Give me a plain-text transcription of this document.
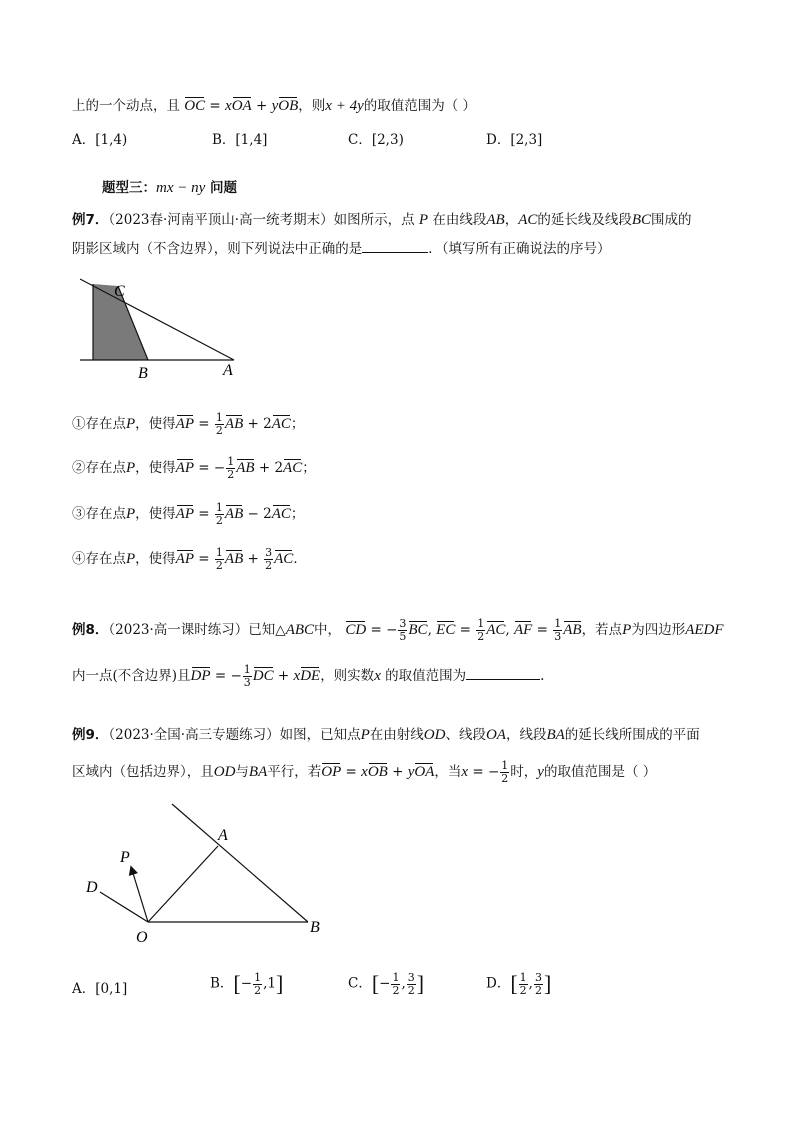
上的一个动点，且 OC = xOA + yOB，则x + 4y的取值范围为（ ）
A．[1,4)	B．[1,4]	C．[2,3)	D．[2,3]
题型三：mx − ny 问题
例7．（2023春·河南平顶山·高一统考期末）如图所示，点 P 在由线段AB，AC的延长线及线段BC围成的
阴影区域内（不含边界），则下列说法中正确的是	．（填写所有正确说法的序号）
C
B	A
①存在点P，使得AP = $\frac{1}{2}$ AB + 2AC；
②存在点P，使得AP = − $\frac{1}{2}$ AB + 2AC；
③存在点P，使得AP = $\frac{1}{2}$ AB − 2AC；
④存在点P，使得AP = $\frac{1}{2}$ AB + $\frac{3}{2}$ AC．
例8．（2023·高一课时练习）已知△ABC中， CD = − $\frac{3}{5}$ BC, EC = $\frac{1}{2}$ AC, AF = $\frac{1}{3}$ AB，若点P为四边形AEDF
内一点(不含边界)且DP = − $\frac{1}{3}$ DC + xDE，则实数x 的取值范围为	.
例9．（2023·全国·高三专题练习）如图，已知点P在由射线OD、线段OA，线段BA的延长线所围成的平面
区域内（包括边界），且OD与BA平行，若OP = xOB + yOA，当x = − $\frac{1}{2}$ 时，y的取值范围是（ ）
A
P
D
O
B
A．[0,1]	B．[− $\frac{1}{2} ,1$]	C．[− $\frac{1}{2}$ , $\frac{3}{2}$ ]	D．[ $\frac{1}{2}$ , $\frac{3}{2}$ ]
